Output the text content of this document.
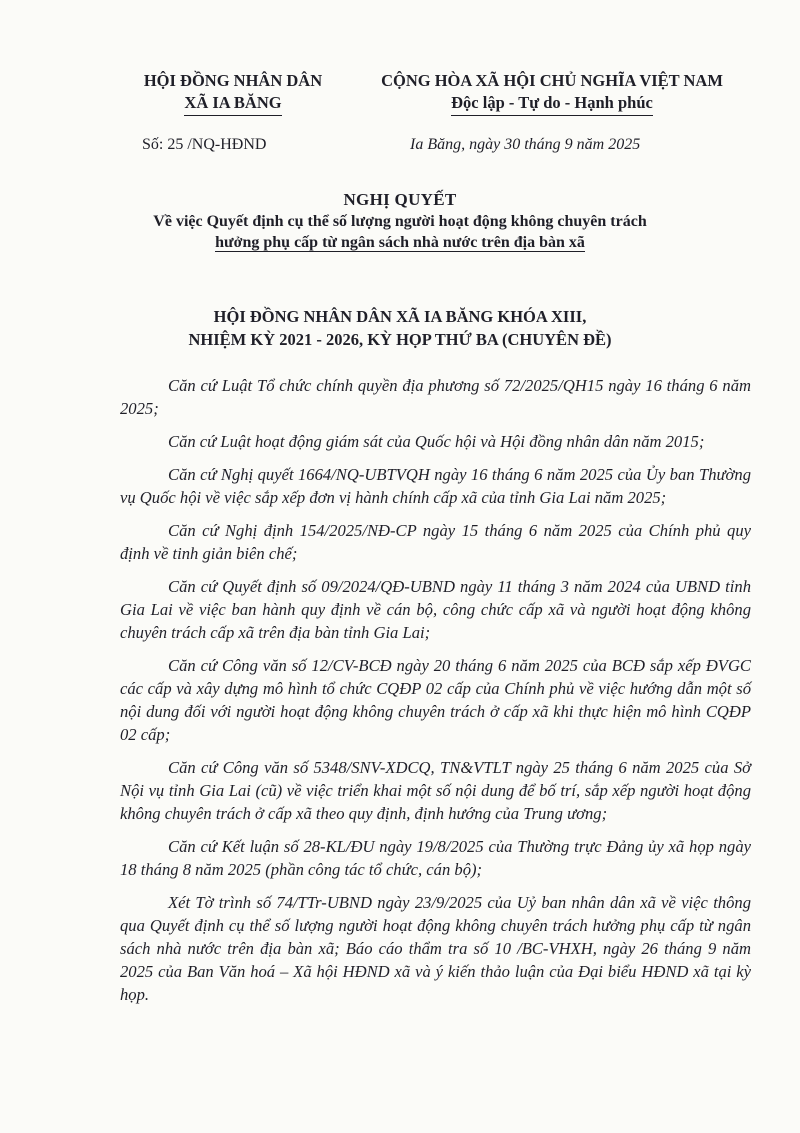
HỘI ĐỒNG NHÂN DÂN
XÃ IA BĂNG
CỘNG HÒA XÃ HỘI CHỦ NGHĨA VIỆT NAM
Độc lập - Tự do - Hạnh phúc
Số: 25 /NQ-HĐND	Ia Băng, ngày 30 tháng 9 năm 2025
NGHỊ QUYẾT
Về việc Quyết định cụ thể số lượng người hoạt động không chuyên trách
hưởng phụ cấp từ ngân sách nhà nước trên địa bàn xã
HỘI ĐỒNG NHÂN DÂN XÃ IA BĂNG KHÓA XIII,
NHIỆM KỲ 2021 - 2026, KỲ HỌP THỨ BA (CHUYÊN ĐỀ)

Căn cứ Luật Tổ chức chính quyền địa phương số 72/2025/QH15 ngày 16 tháng 6 năm 2025;

Căn cứ Luật hoạt động giám sát của Quốc hội và Hội đồng nhân dân năm 2015;

Căn cứ Nghị quyết 1664/NQ-UBTVQH ngày 16 tháng 6 năm 2025 của Ủy ban Thường vụ Quốc hội về việc sắp xếp đơn vị hành chính cấp xã của tỉnh Gia Lai năm 2025;

Căn cứ Nghị định 154/2025/NĐ-CP ngày 15 tháng 6 năm 2025 của Chính phủ quy định về tinh giản biên chế;

Căn cứ Quyết định số 09/2024/QĐ-UBND ngày 11 tháng 3 năm 2024 của UBND tỉnh Gia Lai về việc ban hành quy định về cán bộ, công chức cấp xã và người hoạt động không chuyên trách cấp xã trên địa bàn tỉnh Gia Lai;

Căn cứ Công văn số 12/CV-BCĐ ngày 20 tháng 6 năm 2025 của BCĐ sắp xếp ĐVGC các cấp và xây dựng mô hình tổ chức CQĐP 02 cấp của Chính phủ về việc hướng dẫn một số nội dung đối với người hoạt động không chuyên trách ở cấp xã khi thực hiện mô hình CQĐP 02 cấp;

Căn cứ Công văn số 5348/SNV-XDCQ, TN&VTLT ngày 25 tháng 6 năm 2025 của Sở Nội vụ tỉnh Gia Lai (cũ) về việc triển khai một số nội dung để bố trí, sắp xếp người hoạt động không chuyên trách ở cấp xã theo quy định, định hướng của Trung ương;

Căn cứ Kết luận số 28-KL/ĐU ngày 19/8/2025 của Thường trực Đảng ủy xã họp ngày 18 tháng 8 năm 2025 (phần công tác tổ chức, cán bộ);

Xét Tờ trình số 74/TTr-UBND ngày 23/9/2025 của Uỷ ban nhân dân xã về việc thông qua Quyết định cụ thể số lượng người hoạt động không chuyên trách hưởng phụ cấp từ ngân sách nhà nước trên địa bàn xã; Báo cáo thẩm tra số 10 /BC-VHXH, ngày 26 tháng 9 năm 2025 của Ban Văn hoá – Xã hội HĐND xã và ý kiến thảo luận của Đại biểu HĐND xã tại kỳ họp.
